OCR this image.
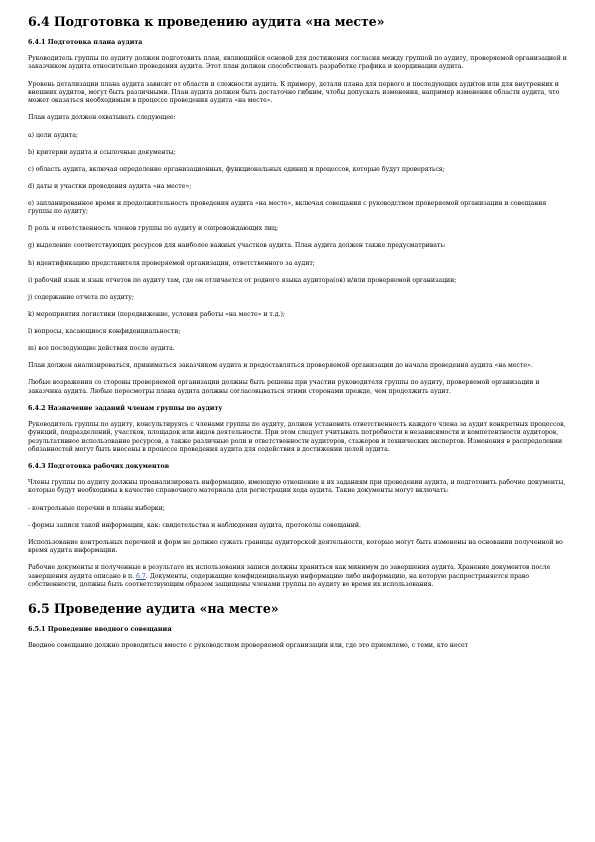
6.4 Подготовка к проведению аудита «на месте»
6.4.1 Подготовка плана аудита

Руководитель группы по аудиту должен подготовить план, являющийся основой для достижения согласия между группой по аудиту, проверяемой организацией и заказчиком аудита относительно проведения аудита. Этот план должен способствовать разработке графика и координации аудита.

Уровень детализации плана аудита зависит от области и сложности аудита. К примеру, детали плана для первого и последующих аудитов или для внутренних и внешних аудитов, могут быть различными. План аудита должен быть достаточно гибким, чтобы допускать изменения, например изменения области аудита, что может оказаться необходимым в процессе проведения аудита «на месте».

План аудита должен охватывать следующее:

a) цели аудита;

b) критерии аудита и ссылочные документы;

c) область аудита, включая определение организационных, функциональных единиц и процессов, которые будут проверяться;

d) даты и участки проведения аудита «на месте»;

e) запланированное время и продолжительность проведения аудита «на месте», включая совещания с руководством проверяемой организации и совещания группы по аудиту;

f) роль и ответственность членов группы по аудиту и сопровождающих лиц;

g) выделение соответствующих ресурсов для наиболее важных участков аудита. План аудита должен также предусматривать:

h) идентификацию представителя проверяемой организации, ответственного за аудит;

i) рабочий язык и язык отчетов по аудиту там, где он отличается от родного языка аудитора(ов) и/или проверяемой организации;

j) содержание отчета по аудиту;

k) мероприятия логистики (передвижение, условия работы «на месте» и т.д.);

l) вопросы, касающиеся конфиденциальности;

m) все последующие действия после аудита.

План должен анализироваться, приниматься заказчиком аудита и предоставляться проверяемой организации до начала проведения аудита «на месте».

Любые возражения со стороны проверяемой организации должны быть решены при участии руководителя группы по аудиту, проверяемой организации и заказчика аудита. Любые пересмотры плана аудита должны согласовываться этими сторонами прежде, чем продолжить аудит.

6.4.2 Назначение заданий членам группы по аудиту

Руководитель группы по аудиту, консультируясь с членами группы по аудиту, должен установить ответственность каждого члена за аудит конкретных процессов, функций, подразделений, участков, площадок или видов деятельности. При этом следует учитывать потребности в независимости и компетентности аудиторов, результативное использование ресурсов, а также различные роли и ответственности аудиторов, стажеров и технических экспертов. Изменения в распределении обязанностей могут быть внесены в процессе проведения аудита для содействия в достижении целей аудита.

6.4.3 Подготовка рабочих документов

Члены группы по аудиту должны проанализировать информацию, имеющую отношение к их заданиям при проведении аудита, и подготовить рабочие документы, которые будут необходимы в качестве справочного материала для регистрации хода аудита. Такие документы могут включать:

- контрольные перечни и планы выборки;

- формы записи такой информации, как: свидетельства и наблюдения аудита, протоколы совещаний.

Использование контрольных перечней и форм не должно сужать границы аудиторской деятельности, которые могут быть изменены на основании полученной во время аудита информации.

Рабочие документы и полученные в результате их использования записи должны храниться как минимум до завершения аудита. Хранение документов после завершения аудита описано в п. 6.7. Документы, содержащие конфиденциальную информацию либо информацию, на которую распространяется право собственности, должны быть соответствующим образом защищены членами группы по аудиту во время их использования.

6.5 Проведение аудита «на месте»
6.5.1 Проведение вводного совещания

Вводное совещание должно проводиться вместе с руководством проверяемой организации или, где это приемлемо, с теми, кто несет
